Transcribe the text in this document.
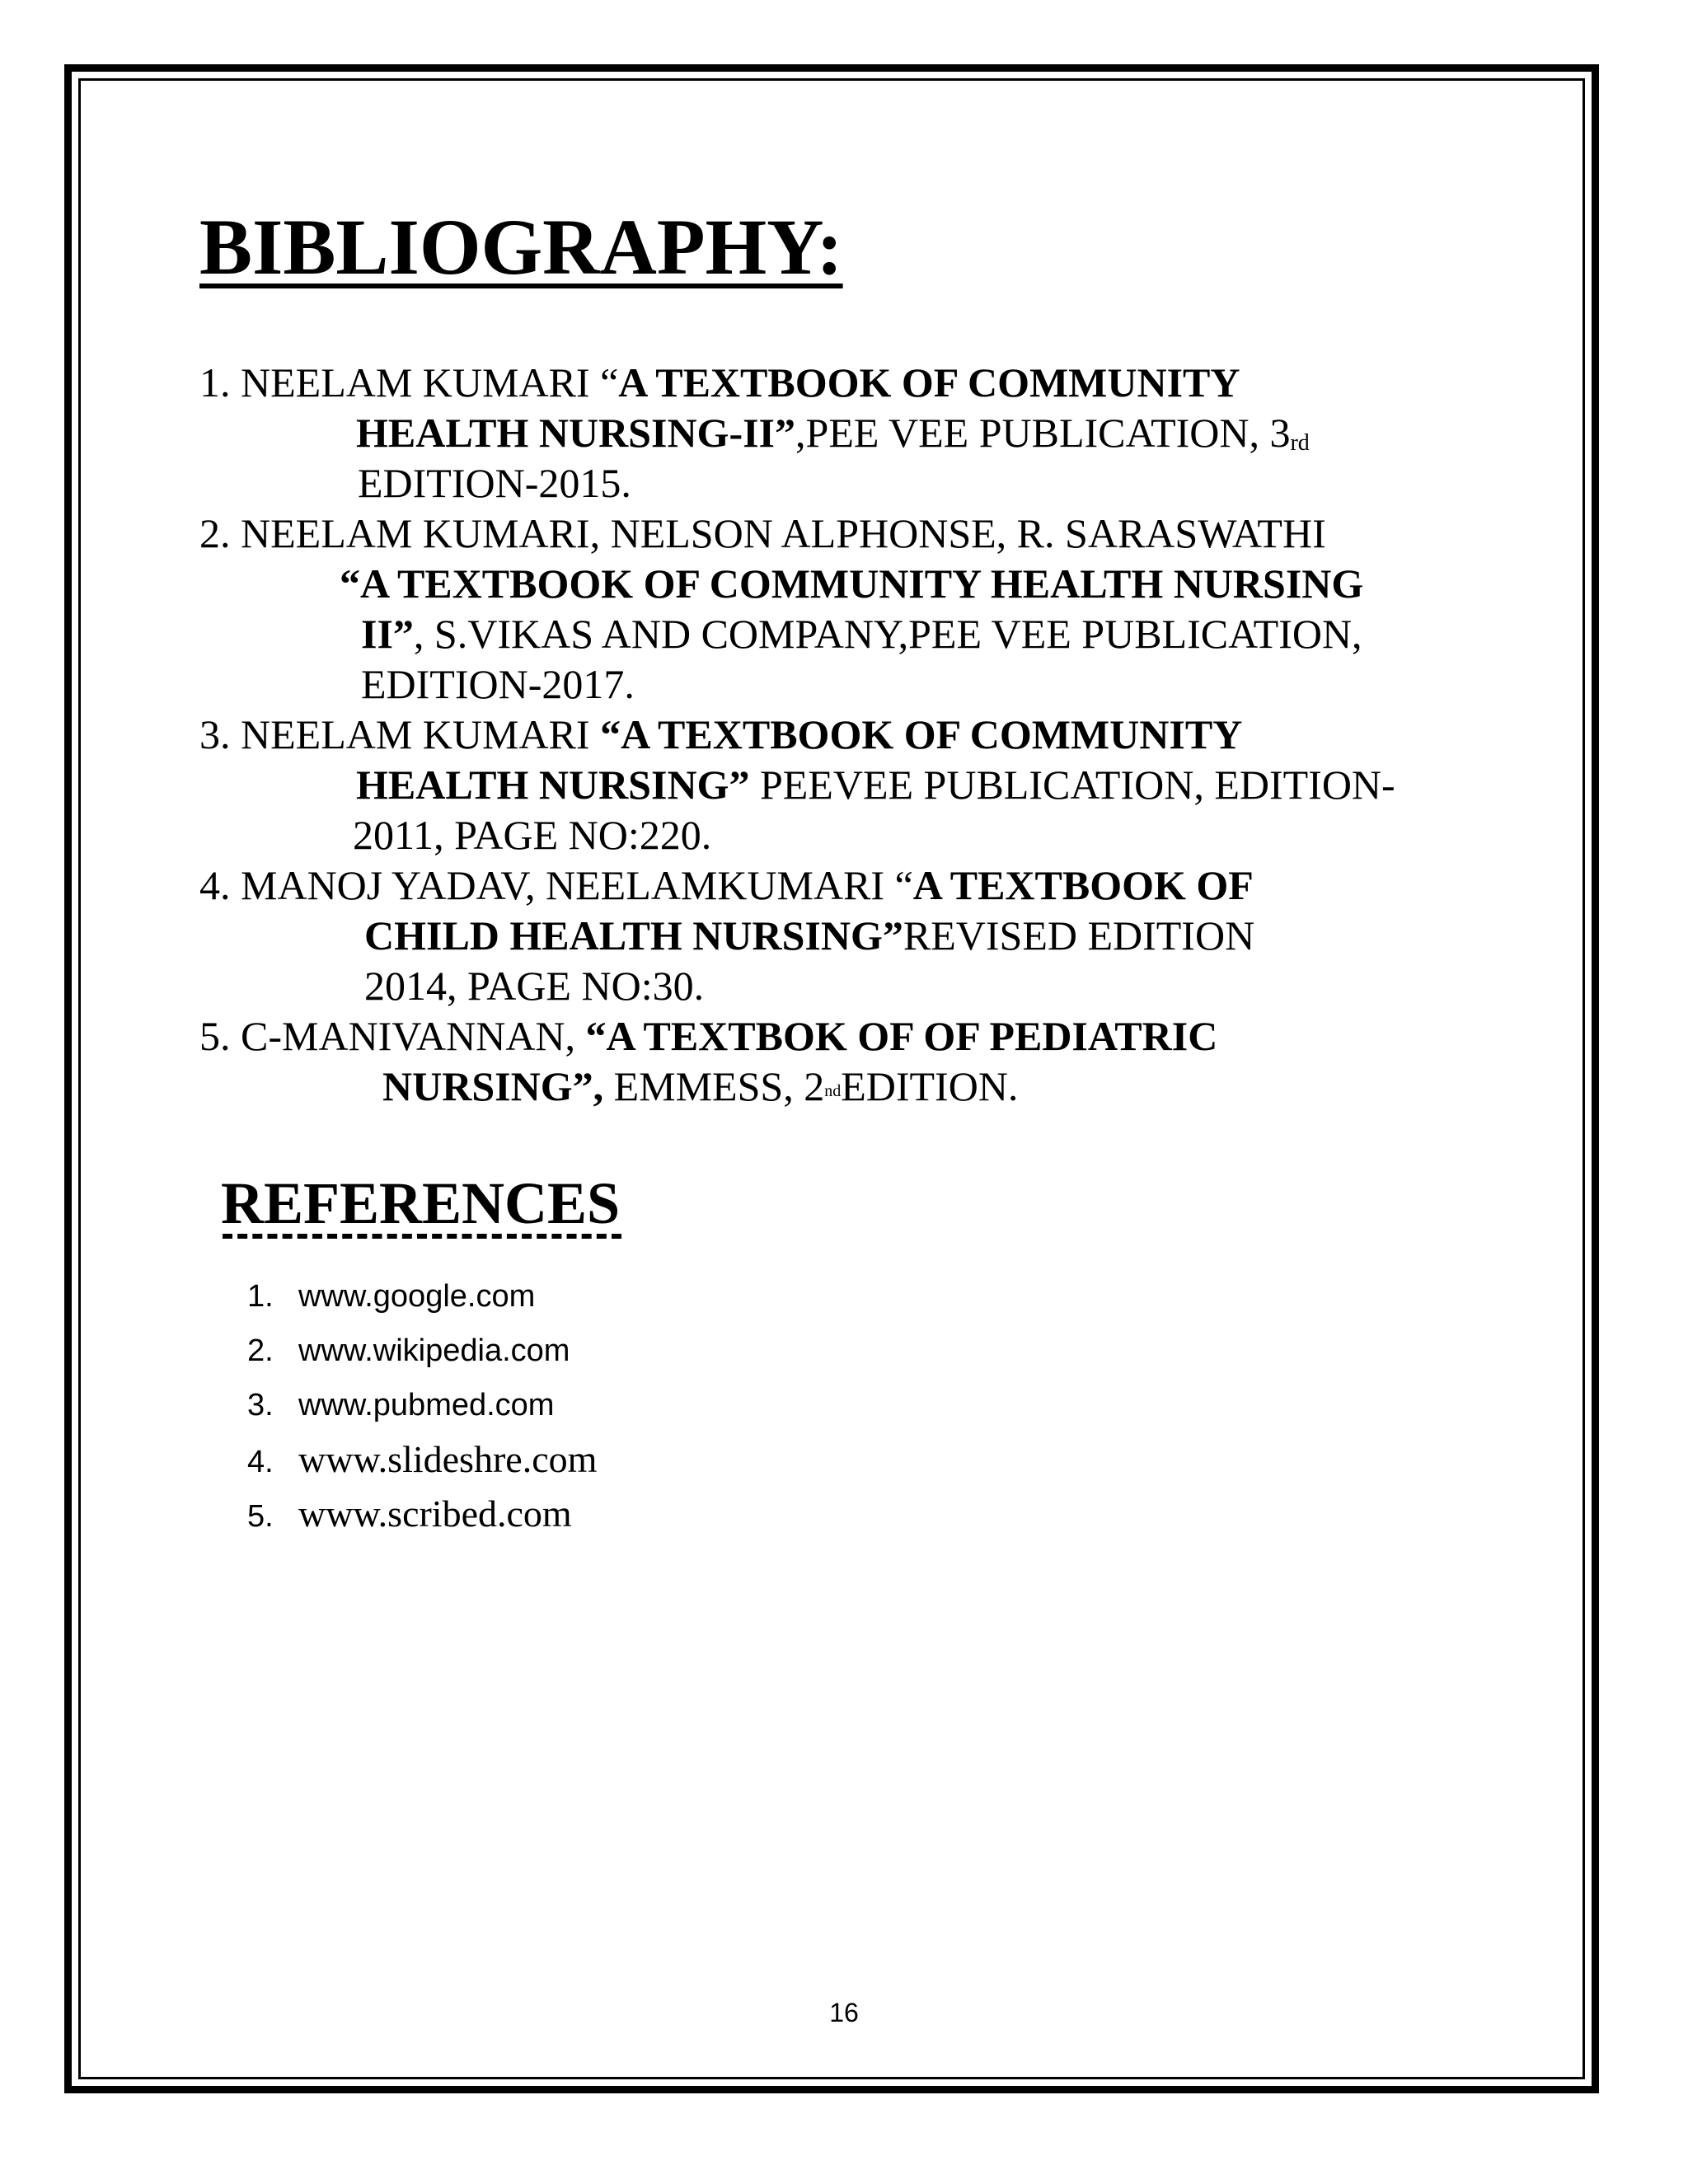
BIBLIOGRAPHY:
1. NEELAM KUMARI “A TEXTBOOK OF COMMUNITY
HEALTH NURSING-II”,PEE VEE PUBLICATION, 3rd
EDITION-2015.
2. NEELAM KUMARI, NELSON ALPHONSE, R. SARASWATHI
“A TEXTBOOK OF COMMUNITY HEALTH NURSING
II”, S.VIKAS AND COMPANY,PEE VEE PUBLICATION,
EDITION-2017.
3. NEELAM KUMARI “A TEXTBOOK OF COMMUNITY
HEALTH NURSING” PEEVEE PUBLICATION, EDITION-
2011, PAGE NO:220.
4. MANOJ YADAV, NEELAMKUMARI “A TEXTBOOK OF
CHILD HEALTH NURSING”REVISED EDITION
2014, PAGE NO:30.
5. C-MANIVANNAN, “A TEXTBOK OF OF PEDIATRIC
NURSING”, EMMESS, 2ndEDITION.
REFERENCES
1. www.google.com
2. www.wikipedia.com
3. www.pubmed.com
4. www.slideshre.com
5. www.scribed.com
16
